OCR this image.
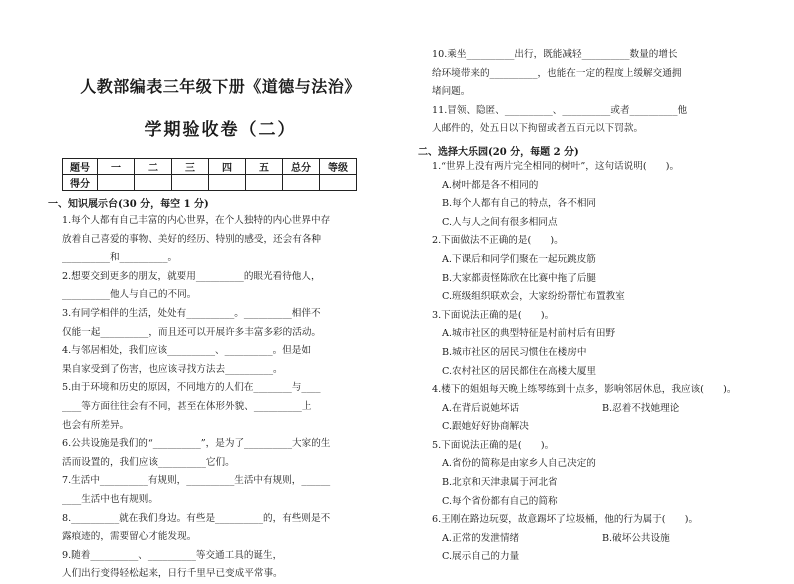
人教部编表三年级下册《道德与法治》
学期验收卷（二）
题号	一	二	三	四	五	总分	等级
得分							
一、知识展示台(30 分，每空 1 分)
1.每个人都有自己丰富的内心世界，在个人独特的内心世界中存
放着自己喜爱的事物、美好的经历、特别的感受，还会有各种
__________和__________。
2.想要交到更多的朋友，就要用__________的眼光看待他人，
__________他人与自己的不同。
3.有同学相伴的生活，处处有__________。__________相伴不
仅能一起__________，而且还可以开展许多丰富多彩的活动。
4.与邻居相处，我们应该__________、__________。但是如
果自家受到了伤害，也应该寻找方法去__________。
5.由于环境和历史的原因，不同地方的人们在________与____
____等方面往往会有不同，甚至在体形外貌、__________上
也会有所差异。
6.公共设施是我们的“__________”，是为了__________大家的生
活而设置的，我们应该__________它们。
7.生活中__________有规则，__________生活中有规则，______
____生活中也有规则。
8.__________就在我们身边。有些是__________的，有些则是不
露痕迹的，需要留心才能发现。
9.随着__________、__________等交通工具的诞生，
人们出行变得轻松起来，日行千里早已变成平常事。
10.乘坐__________出行，既能减轻__________数量的增长
给环境带来的__________，也能在一定的程度上缓解交通拥
堵问题。
11.冒领、隐匿、__________、__________或者__________他
人邮件的，处五日以下拘留或者五百元以下罚款。
二、选择大乐园(20 分，每题 2 分)
1.“世界上没有两片完全相同的树叶”，这句话说明(　　)。
A.树叶都是各不相同的
B.每个人都有自己的特点，各不相同
C.人与人之间有很多相同点
2.下面做法不正确的是(　　)。
A.下课后和同学们聚在一起玩跳皮筋
B.大家都责怪陈欣在比赛中拖了后腿
C.班级组织联欢会，大家纷纷帮忙布置教室
3.下面说法正确的是(　　)。
A.城市社区的典型特征是村前村后有田野
B.城市社区的居民习惯住在楼房中
C.农村社区的居民都住在高楼大厦里
4.楼下的姐姐每天晚上练琴练到十点多，影响邻居休息，我应该(　　)。
A.在背后说她坏话	B.忍着不找她理论
C.跟她好好协商解决
5.下面说法正确的是(　　)。
A.省份的简称是由家乡人自己决定的
B.北京和天津隶属于河北省
C.每个省份都有自己的简称
6.王刚在路边玩耍，故意踢坏了垃圾桶，他的行为属于(　　)。
A.正常的发泄情绪	B.破坏公共设施
C.展示自己的力量
